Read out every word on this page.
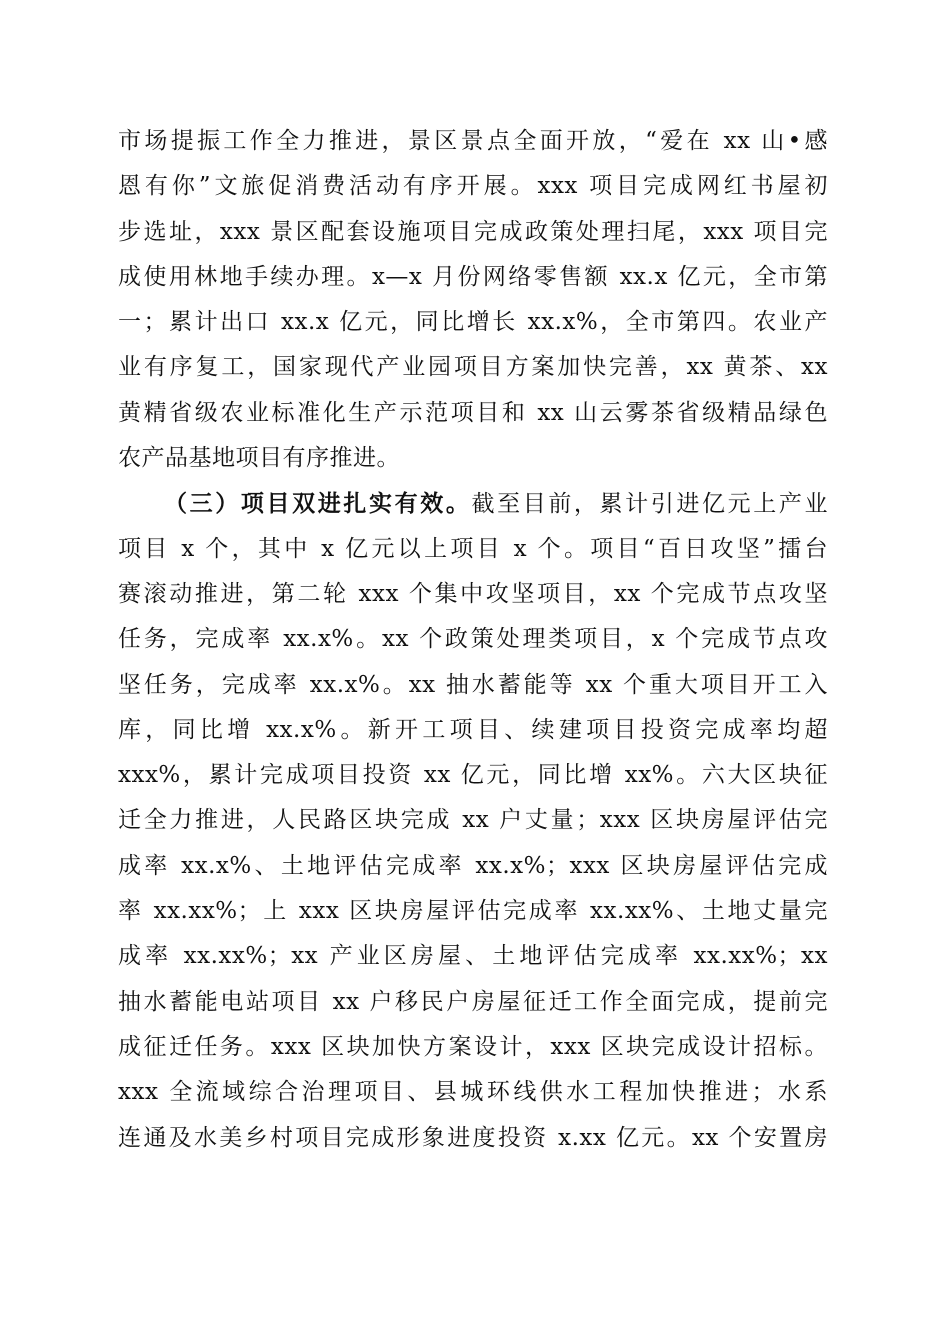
市场提振工作全力推进，景区景点全面开放，“爱在 xx 山•感
恩有你”文旅促消费活动有序开展。xxx 项目完成网红书屋初
步选址，xxx 景区配套设施项目完成政策处理扫尾，xxx 项目完
成使用林地手续办理。x—x 月份网络零售额 xx.x 亿元，全市第
一；累计出口 xx.x 亿元，同比增长 xx.x%，全市第四。农业产
业有序复工，国家现代产业园项目方案加快完善，xx 黄茶、xx
黄精省级农业标准化生产示范项目和 xx 山云雾茶省级精品绿色
农产品基地项目有序推进。
（三）项目双进扎实有效。截至目前，累计引进亿元上产业
项目 x 个，其中 x 亿元以上项目 x 个。项目“百日攻坚”擂台
赛滚动推进，第二轮 xxx 个集中攻坚项目，xx 个完成节点攻坚
任务，完成率 xx.x%。xx 个政策处理类项目，x 个完成节点攻
坚任务，完成率 xx.x%。xx 抽水蓄能等 xx 个重大项目开工入
库，同比增 xx.x%。新开工项目、续建项目投资完成率均超
xxx%，累计完成项目投资 xx 亿元，同比增 xx%。六大区块征
迁全力推进，人民路区块完成 xx 户丈量；xxx 区块房屋评估完
成率 xx.x%、土地评估完成率 xx.x%；xxx 区块房屋评估完成
率 xx.xx%；上 xxx 区块房屋评估完成率 xx.xx%、土地丈量完
成率 xx.xx%；xx 产业区房屋、土地评估完成率 xx.xx%；xx
抽水蓄能电站项目 xx 户移民户房屋征迁工作全面完成，提前完
成征迁任务。xxx 区块加快方案设计，xxx 区块完成设计招标。
xxx 全流域综合治理项目、县城环线供水工程加快推进；水系
连通及水美乡村项目完成形象进度投资 x.xx 亿元。xx 个安置房
